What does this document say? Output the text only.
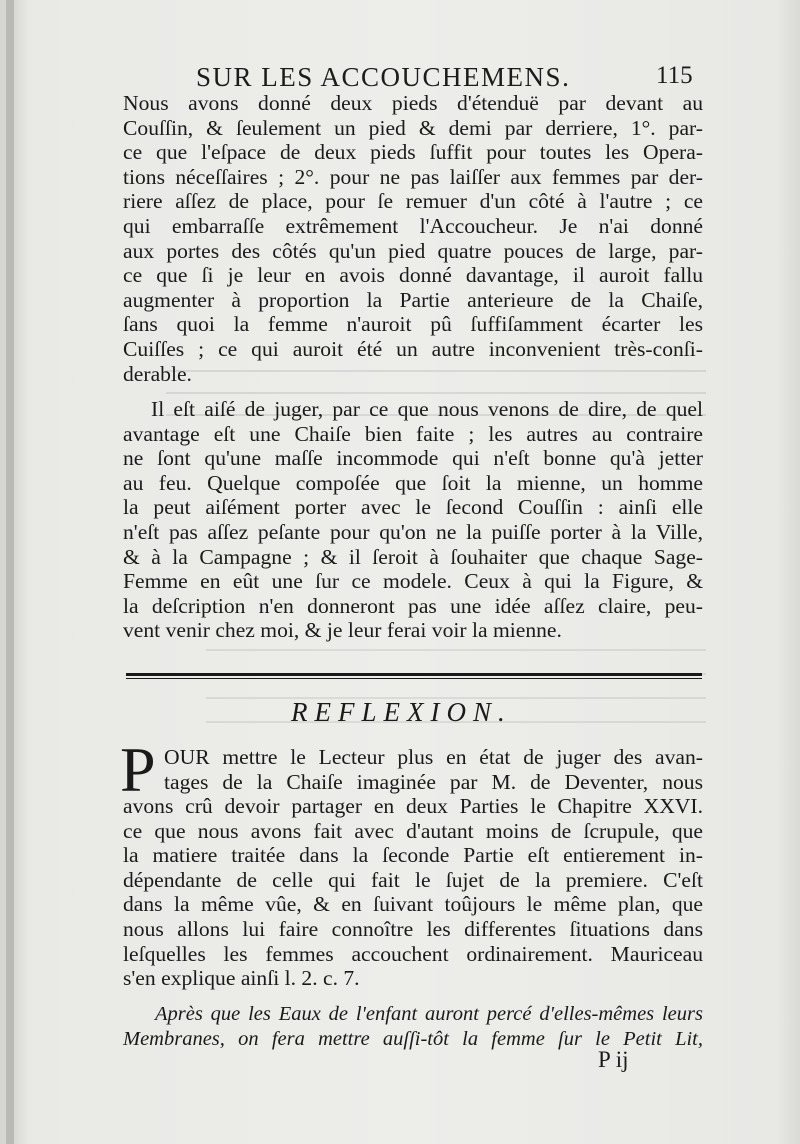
SUR LES ACCOUCHEMENS.	115
Nous avons donné deux pieds d'étenduë par devant au
Couſſin, & ſeulement un pied & demi par derriere, 1°. par-
ce que l'eſpace de deux pieds ſuffit pour toutes les Opera-
tions néceſſaires ; 2°. pour ne pas laiſſer aux femmes par der-
riere aſſez de place, pour ſe remuer d'un côté à l'autre ; ce
qui embarraſſe extrêmement l'Accoucheur. Je n'ai donné
aux portes des côtés qu'un pied quatre pouces de large, par-
ce que ſi je leur en avois donné davantage, il auroit fallu
augmenter à proportion la Partie anterieure de la Chaiſe,
ſans quoi la femme n'auroit pû ſuffiſamment écarter les
Cuiſſes ; ce qui auroit été un autre inconvenient très-conſi-
derable.
Il eſt aiſé de juger, par ce que nous venons de dire, de quel
avantage eſt une Chaiſe bien faite ; les autres au contraire
ne ſont qu'une maſſe incommode qui n'eſt bonne qu'à jetter
au feu. Quelque compoſée que ſoit la mienne, un homme
la peut aiſément porter avec le ſecond Couſſin : ainſi elle
n'eſt pas aſſez peſante pour qu'on ne la puiſſe porter à la Ville,
& à la Campagne ; & il ſeroit à ſouhaiter que chaque Sage-
Femme en eût une ſur ce modele. Ceux à qui la Figure, &
la deſcription n'en donneront pas une idée aſſez claire, peu-
vent venir chez moi, & je leur ferai voir la mienne.
REFLEXION.
P OUR mettre le Lecteur plus en état de juger des avan-
tages de la Chaiſe imaginée par M. de Deventer, nous
avons crû devoir partager en deux Parties le Chapitre XXVI.
ce que nous avons fait avec d'autant moins de ſcrupule, que
la matiere traitée dans la ſeconde Partie eſt entierement in-
dépendante de celle qui fait le ſujet de la premiere. C'eſt
dans la même vûe, & en ſuivant toûjours le même plan, que
nous allons lui faire connoître les differentes ſituations dans
leſquelles les femmes accouchent ordinairement. Mauriceau
s'en explique ainſi l. 2. c. 7.
Après que les Eaux de l'enfant auront percé d'elles-mêmes leurs
Membranes, on fera mettre auſſi-tôt la femme ſur le Petit Lit,
P ij
